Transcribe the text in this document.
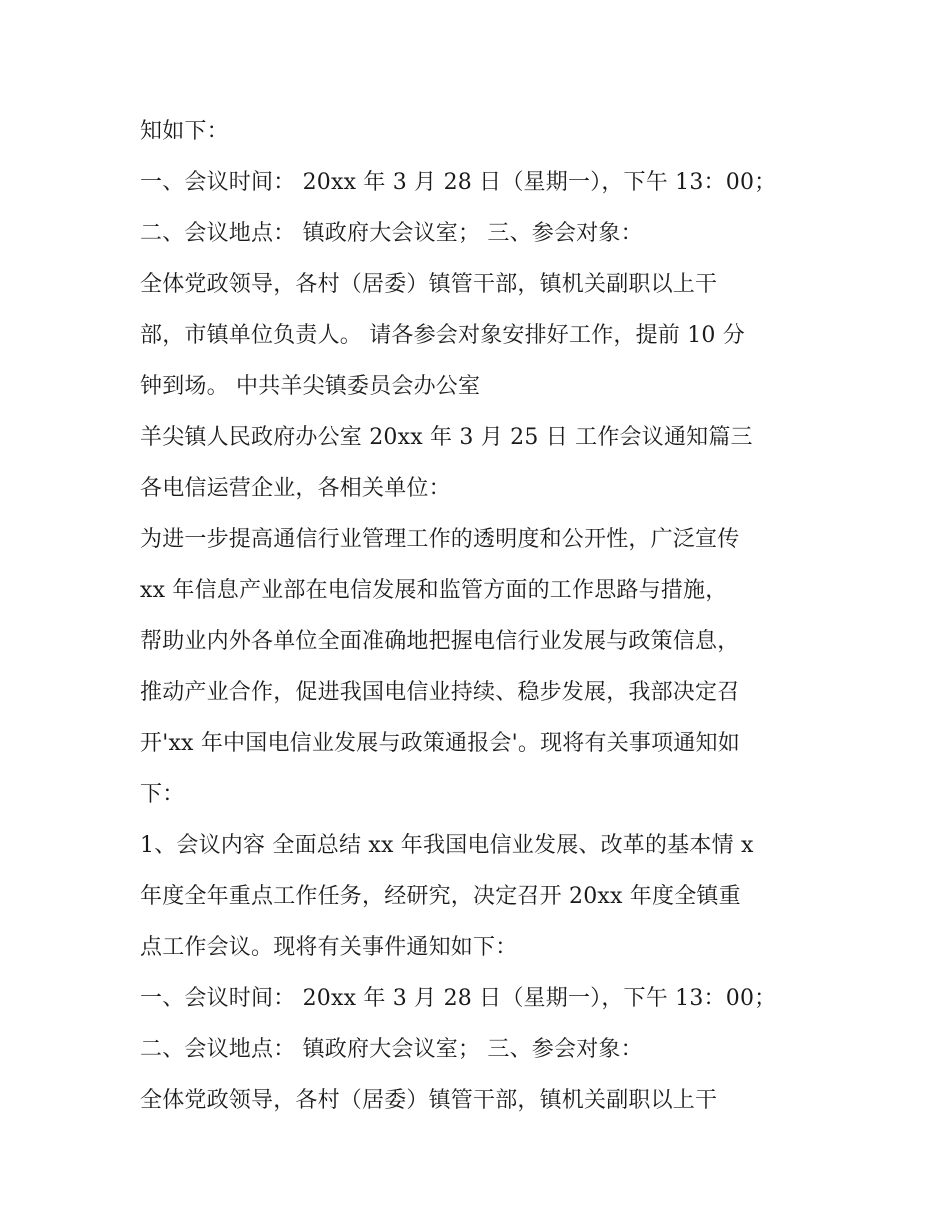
知如下：
一、会议时间： 20xx 年 3 月 28 日（星期一），下午 13：00；
二、会议地点： 镇政府大会议室； 三、参会对象：
全体党政领导，各村（居委）镇管干部，镇机关副职以上干
部，市镇单位负责人。 请各参会对象安排好工作，提前 10 分
钟到场。 中共羊尖镇委员会办公室
羊尖镇人民政府办公室 20xx 年 3 月 25 日 工作会议通知篇三
各电信运营企业，各相关单位：
为进一步提高通信行业管理工作的透明度和公开性，广泛宣传
xx 年信息产业部在电信发展和监管方面的工作思路与措施，
帮助业内外各单位全面准确地把握电信行业发展与政策信息，
推动产业合作，促进我国电信业持续、稳步发展，我部决定召
开'xx 年中国电信业发展与政策通报会'。现将有关事项通知如
下：
1、会议内容 全面总结 xx 年我国电信业发展、改革的基本情 x
年度全年重点工作任务，经研究，决定召开 20xx 年度全镇重
点工作会议。现将有关事件通知如下：
一、会议时间： 20xx 年 3 月 28 日（星期一），下午 13：00；
二、会议地点： 镇政府大会议室； 三、参会对象：
全体党政领导，各村（居委）镇管干部，镇机关副职以上干
